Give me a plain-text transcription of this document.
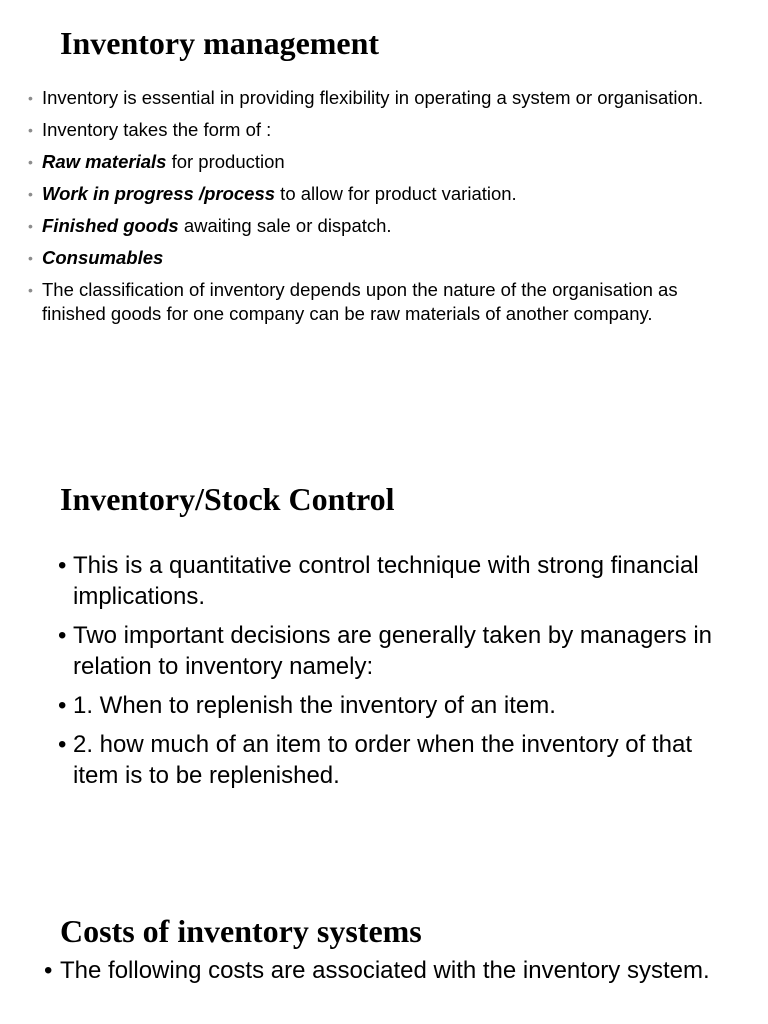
Inventory management
• Inventory is essential in providing flexibility in operating a system or organisation.
• Inventory takes the form of :
• Raw materials for production
• Work in progress /process to allow for product variation.
• Finished goods awaiting sale or dispatch.
• Consumables
• The classification of inventory depends upon the nature of the organisation as finished goods for one company can be raw materials of another company.
Inventory/Stock Control
• This is a quantitative control technique with strong financial implications.
• Two important decisions are generally taken by managers in relation to inventory namely:
• 1. When to replenish the inventory of an item.
• 2. how much of an item to order when the inventory of that item is to be replenished.
Costs of inventory systems
• The following costs are associated with the inventory system.
